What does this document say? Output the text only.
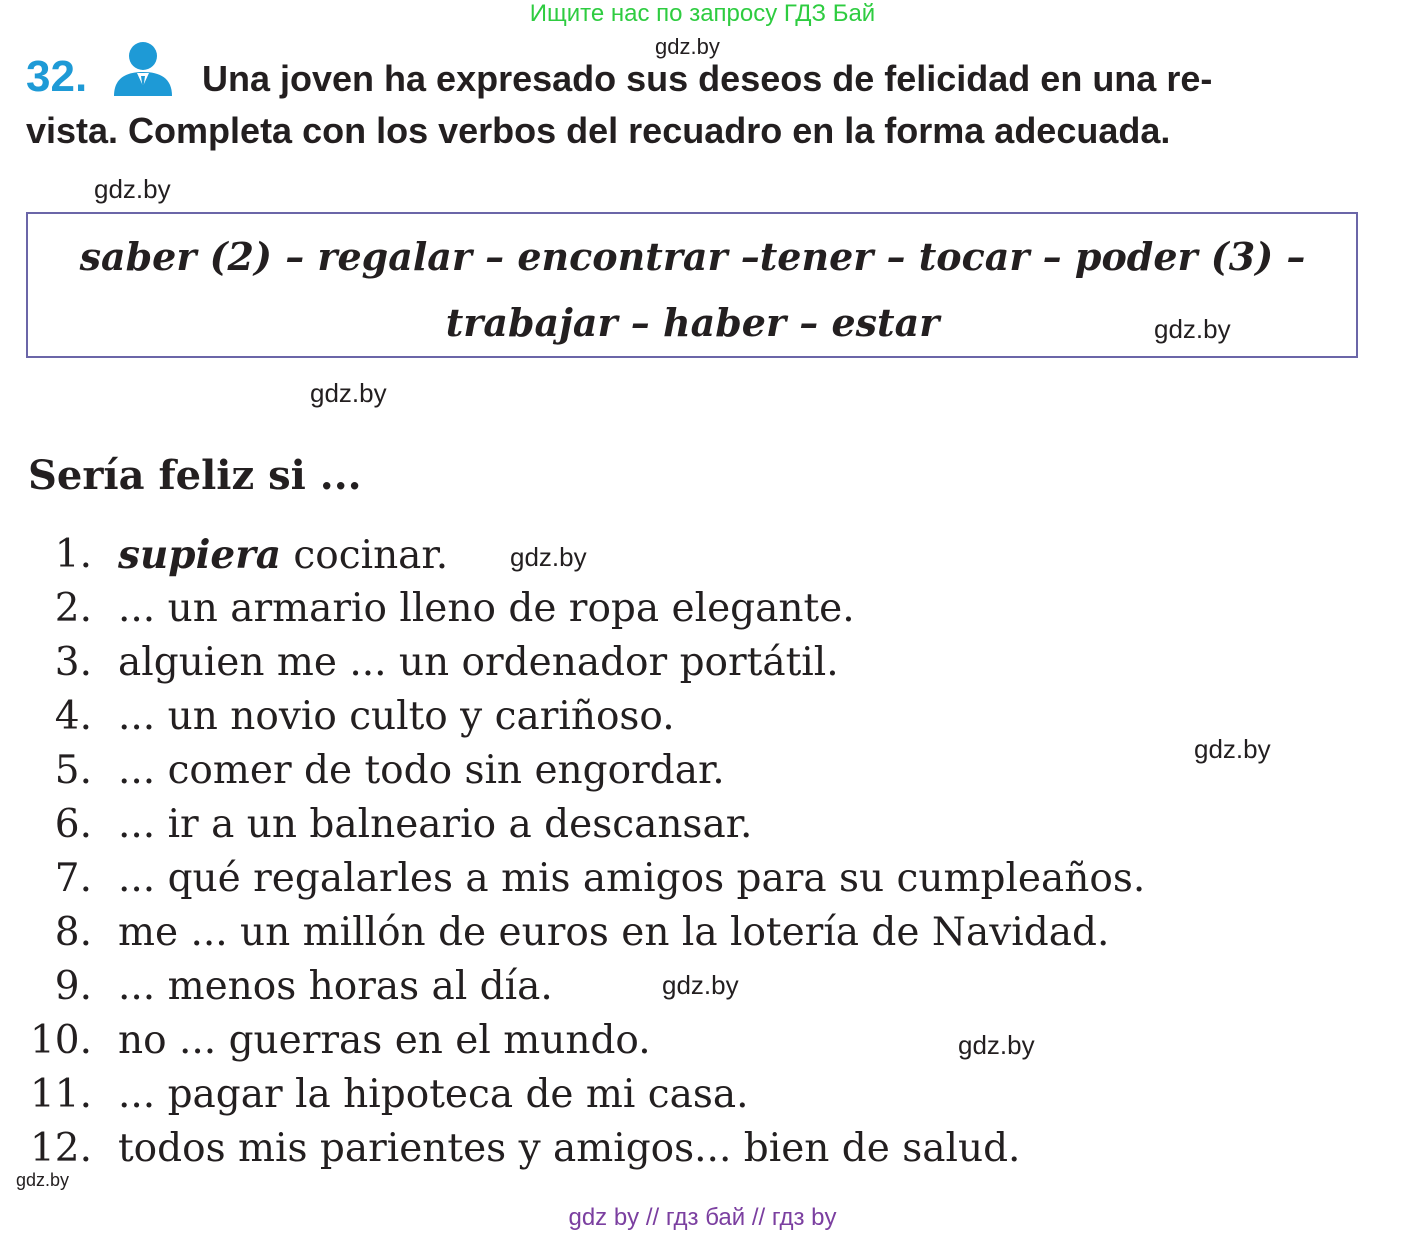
Ищите нас по запросу ГДЗ Бай
gdz.by
32.	Una joven ha expresado sus deseos de felicidad en una re-
vista. Completa con los verbos del recuadro en la forma adecuada.
gdz.by
saber (2) – regalar – encontrar –tener – tocar – poder (3) –
trabajar – haber – estar	gdz.by
gdz.by
Sería feliz si ...
1. supiera cocinar.
2. ... un armario lleno de ropa elegante.
3. alguien me ... un ordenador portátil.
4. ... un novio culto y cariñoso.
5. ... comer de todo sin engordar.
6. ... ir a un balneario a descansar.
7. ... qué regalarles a mis amigos para su cumpleaños.
8. me ... un millón de euros en la lotería de Navidad.
9. ... menos horas al día.
10. no ... guerras en el mundo.
11. ... pagar la hipoteca de mi casa.
12. todos mis parientes y amigos... bien de salud.
gdz.by
gdz.by
gdz.by
gdz.by
gdz.by
gdz by // гдз бай // гдз by
